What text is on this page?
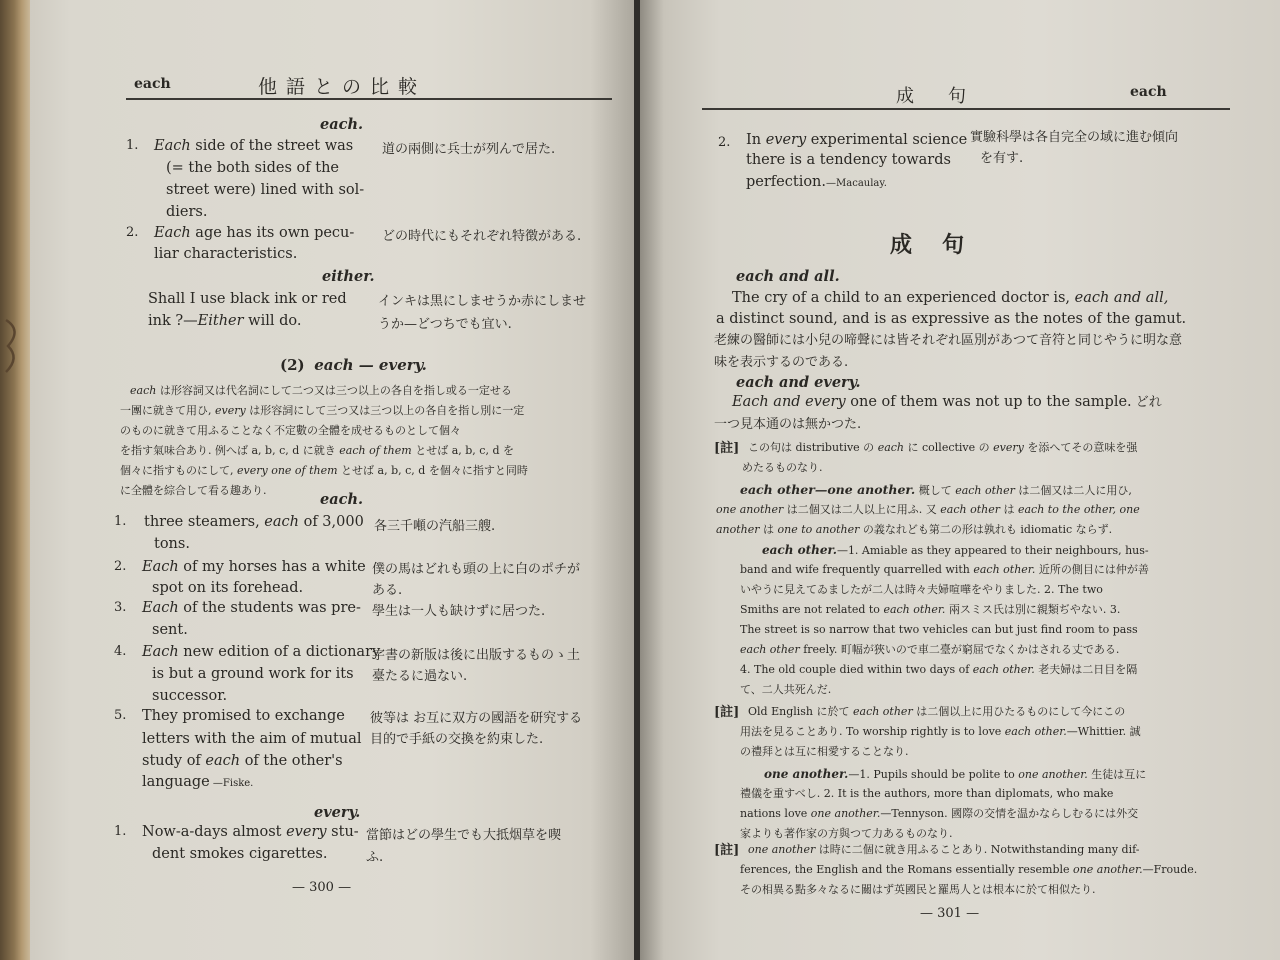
each	他語との比較
each.
1. Each side of the street was
(= the both sides of the
street were) lined with sol-
diers.
道の兩側に兵士が列んで居た.
2. Each age has its own pecu-
liar characteristics.
どの時代にもそれぞれ特徴がある.
either.
Shall I use black ink or red
ink ?—Either will do.
インキは黒にしませうか赤にしませ
うか—どつちでも宜い.
(2) each — every.
each は形容詞又は代名詞にして二つ又は三つ以上の各自を指し或る一定せる
一團に就きて用ひ, every は形容詞にして三つ又は三つ以上の各自を指し別に一定
のものに就きて用ふることなく不定數の全體を成せるものとして個々
を指す氣味合あり. 例へば a, b, c, d に就き each of them とせば a, b, c, d を
個々に指すものにして, every one of them とせば a, b, c, d を個々に指すと同時
に全體を綜合して看る趣あり.
each.
1. three steamers, each of 3,000
tons.
各三千噸の汽船三艘.
2. Each of my horses has a white
spot on its forehead.
僕の馬はどれも頭の上に白のポチが
ある.
3. Each of the students was pre-
sent.
學生は一人も缺けずに居つた.
4. Each new edition of a dictionary
is but a ground work for its
successor.
字書の新版は後に出版するものゝ土
臺たるに過ない.
5. They promised to exchange
letters with the aim of mutual
study of each of the other's
language —Fiske.
彼等は お互に双方の國語を研究する
目的で手紙の交換を約束した.
every.
1. Now-a-days almost every stu-
dent smokes cigarettes.
當節はどの學生でも大抵烟草を喫
ふ.
— 300 —
成句	each
2. In every experimental science
there is a tendency towards
perfection.—Macaulay.
實驗科學は各自完全の域に進む傾向
を有す.
成句
each and all.
The cry of a child to an experienced doctor is, each and all,
a distinct sound, and is as expressive as the notes of the gamut.
老練の醫師には小兒の啼聲には皆それぞれ區別があつて音符と同じやうに明な意
味を表示するのである.
each and every.
Each and every one of them was not up to the sample. どれ
一つ見本通のは無かつた.
[註] この句は distributive の each に collective の every を添へてその意味を强
めたるものなり.
each other—one another. 概して each other は二個又は二人に用ひ,
one another は二個又は二人以上に用ふ. 又 each other は each to the other, one
another は one to another の義なれども第二の形は孰れも idiomatic ならず.
each other.—1. Amiable as they appeared to their neighbours, hus-
band and wife frequently quarrelled with each other. 近所の側目には仲が善
いやうに見えてゐましたが二人は時々夫婦喧嘩をやりました. 2. The two
Smiths are not related to each other. 兩スミス氏は別に親類ぢやない. 3.
The street is so narrow that two vehicles can but just find room to pass
each other freely. 町幅が狹いので車二臺が窮屈でなくかはされる丈である.
4. The old couple died within two days of each other. 老夫婦は二日目を隔
て、二人共死んだ.
[註] Old English に於て each other は二個以上に用ひたるものにして今にこの
用法を見ることあり. To worship rightly is to love each other.—Whittier. 誠
の禮拜とは互に相愛することなり.
one another.—1. Pupils should be polite to one another. 生徒は互に
禮儀を重すべし. 2. It is the authors, more than diplomats, who make
nations love one another.—Tennyson. 國際の交情を温かならしむるには外交
家よりも著作家の方與つて力あるものなり.
[註] one another は時に二個に就き用ふることあり. Notwithstanding many dif-
ferences, the English and the Romans essentially resemble one another.—Froude.
その相異る點多々なるに關はず英國民と羅馬人とは根本に於て相似たり.
— 301 —
